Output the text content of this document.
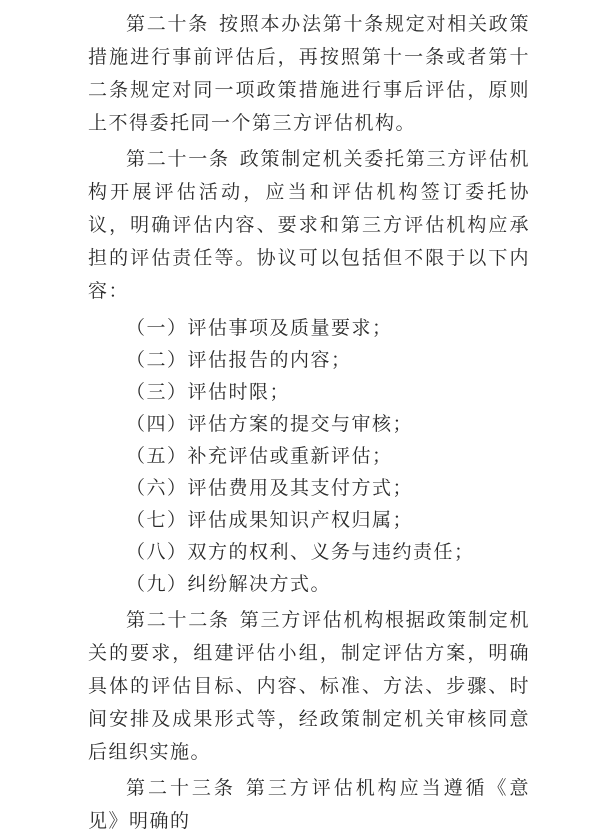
第二十条 按照本办法第十条规定对相关政策措施进行事前评估后，再按照第十一条或者第十二条规定对同一项政策措施进行事后评估，原则上不得委托同一个第三方评估机构。

第二十一条 政策制定机关委托第三方评估机构开展评估活动，应当和评估机构签订委托协议，明确评估内容、要求和第三方评估机构应承担的评估责任等。协议可以包括但不限于以下内容：

（一）评估事项及质量要求；

（二）评估报告的内容；

（三）评估时限；

（四）评估方案的提交与审核；

（五）补充评估或重新评估；

（六）评估费用及其支付方式；

（七）评估成果知识产权归属；

（八）双方的权利、义务与违约责任；

（九）纠纷解决方式。

第二十二条 第三方评估机构根据政策制定机关的要求，组建评估小组，制定评估方案，明确具体的评估目标、内容、标准、方法、步骤、时间安排及成果形式等，经政策制定机关审核同意后组织实施。

第二十三条 第三方评估机构应当遵循《意见》明确的
